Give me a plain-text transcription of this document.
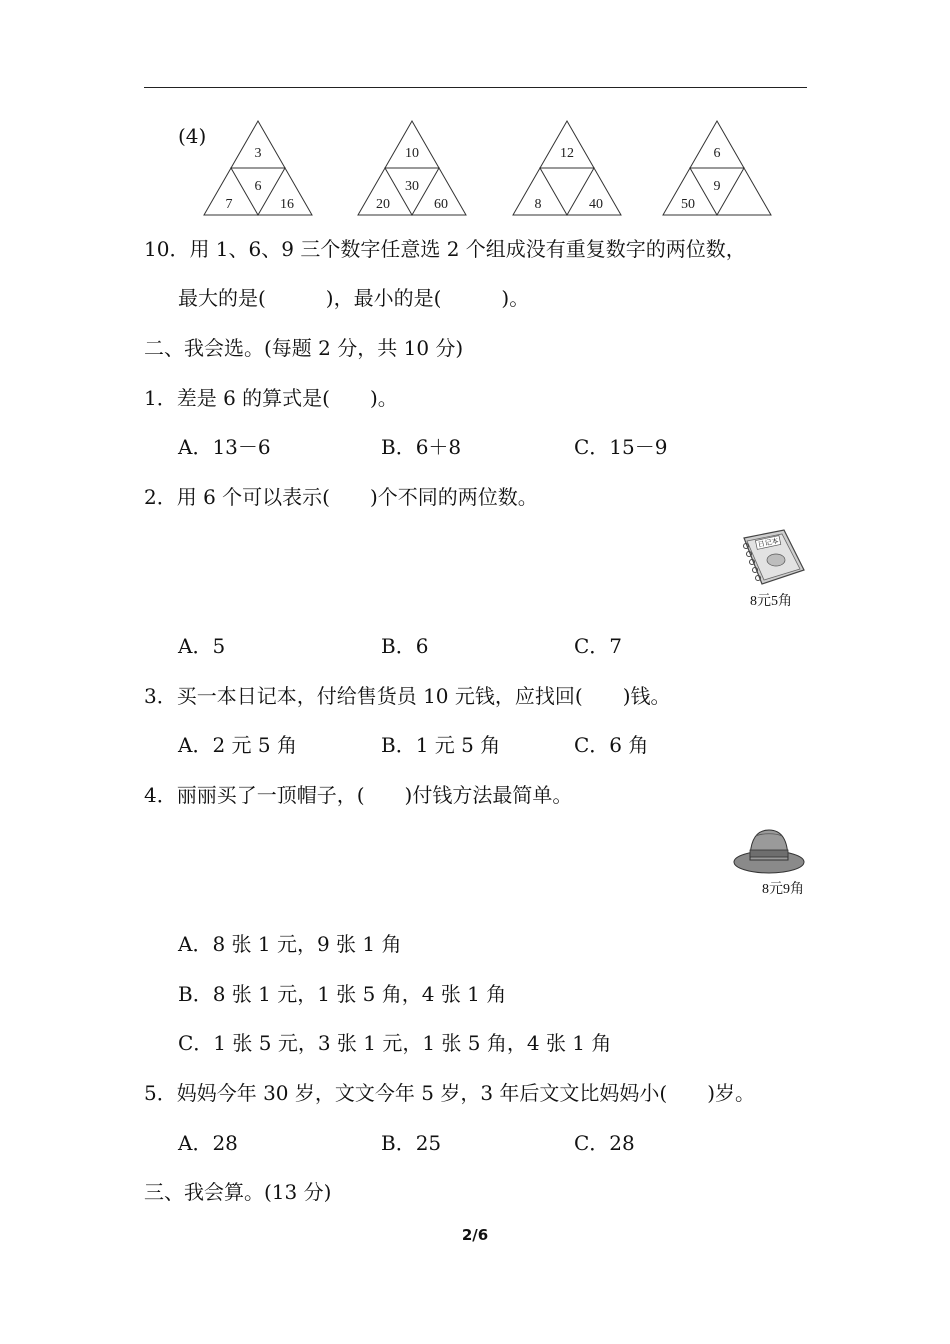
(4)
3
6
7	16
10
30
20	60
12
8	40
6
9
50
10．用 1、6、9 三个数字任意选 2 个组成没有重复数字的两位数，
最大的是(　　　)，最小的是(　　　)。
二、我会选。(每题 2 分，共 10 分)
1．差是 6 的算式是(　　)。
A．13－6	B．6＋8	C．15－9
2．用 6 个可以表示(　　)个不同的两位数。
日记本
8元5角
A．5	B．6	C．7
3．买一本日记本，付给售货员 10 元钱，应找回(　　)钱。
A．2 元 5 角	B．1 元 5 角	C．6 角
4．丽丽买了一顶帽子，(　　)付钱方法最简单。
8元9角
A．8 张 1 元，9 张 1 角
B．8 张 1 元，1 张 5 角，4 张 1 角
C．1 张 5 元，3 张 1 元，1 张 5 角，4 张 1 角
5．妈妈今年 30 岁，文文今年 5 岁，3 年后文文比妈妈小(　　)岁。
A．28	B．25	C．28
三、我会算。(13 分)
2/6
